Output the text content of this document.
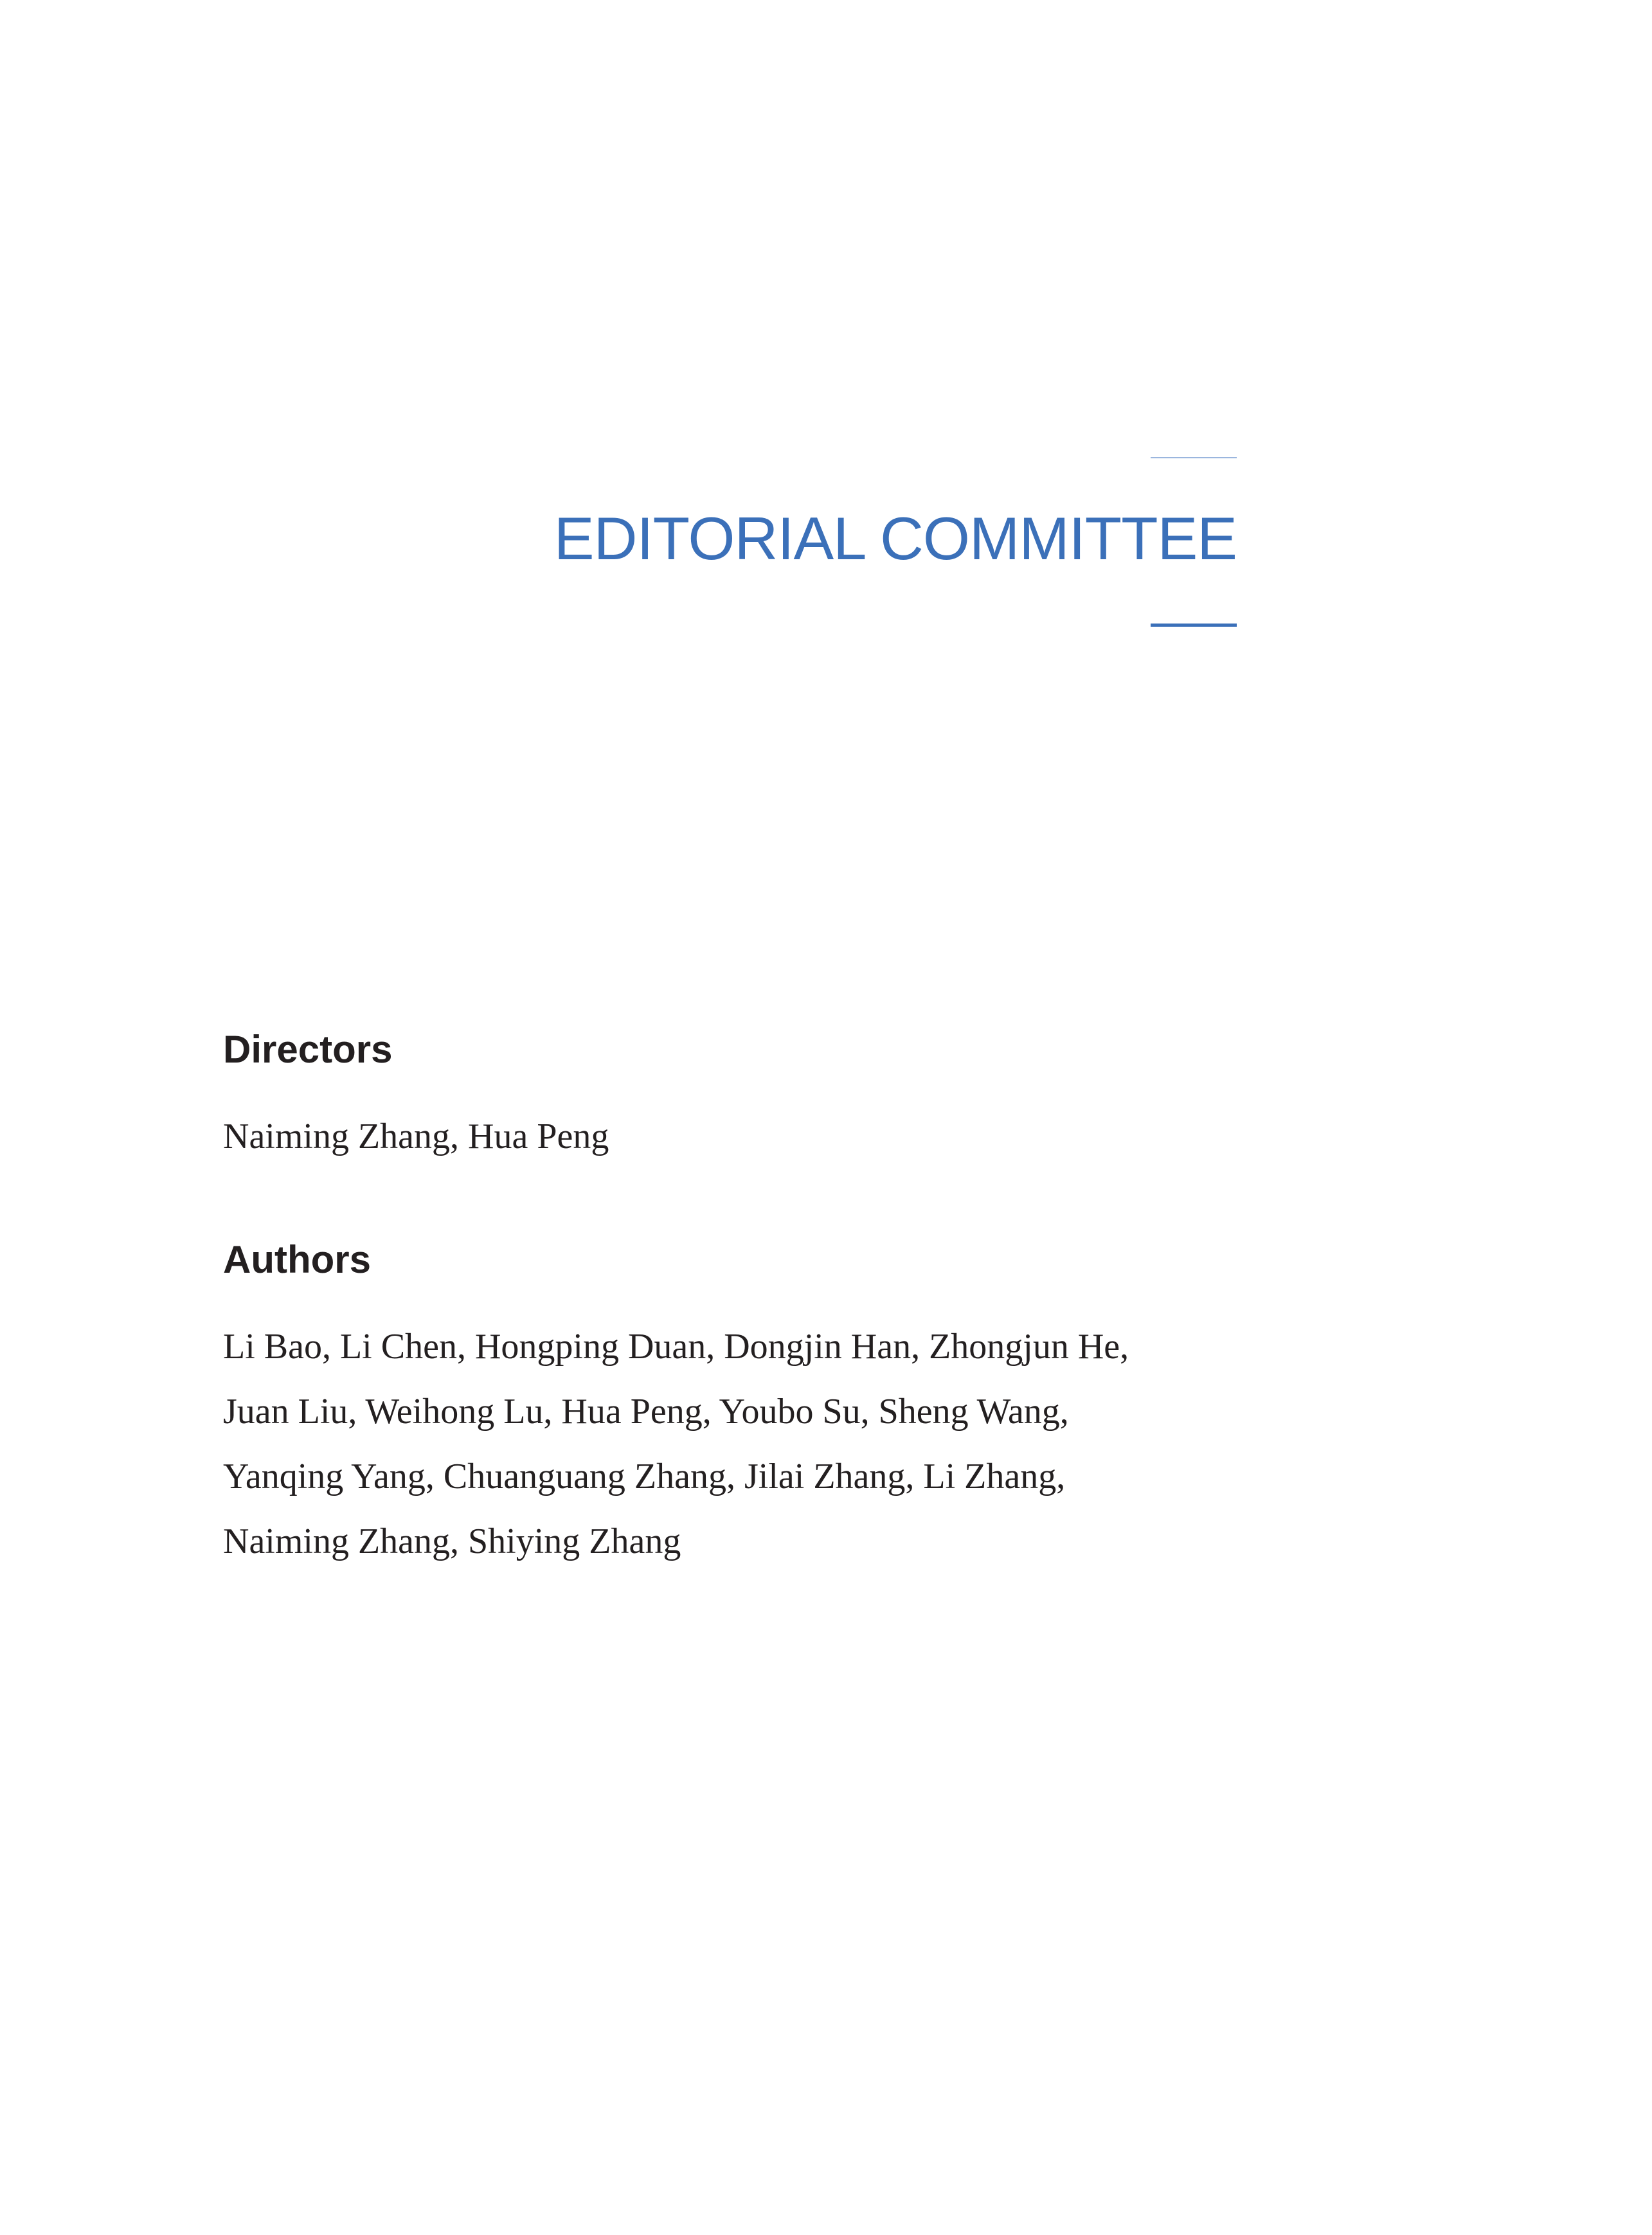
EDITORIAL COMMITTEE
Directors
Naiming Zhang, Hua Peng
Authors
Li Bao, Li Chen, Hongping Duan, Dongjin Han, Zhongjun He,
Juan Liu, Weihong Lu, Hua Peng, Youbo Su, Sheng Wang,
Yanqing Yang, Chuanguang Zhang, Jilai Zhang, Li Zhang,
Naiming Zhang, Shiying Zhang
